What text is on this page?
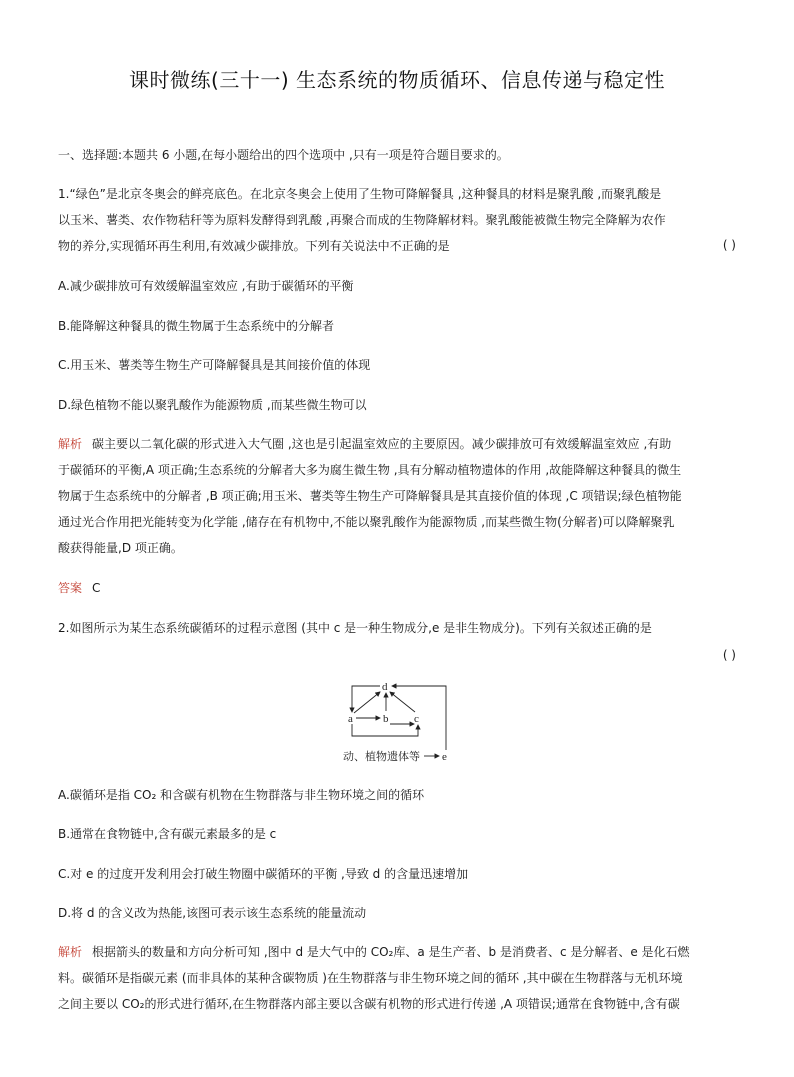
课时微练(三十一) 生态系统的物质循环、信息传递与稳定性
一、选择题:本题共 6 小题,在每小题给出的四个选项中 ,只有一项是符合题目要求的。
1.“绿色”是北京冬奥会的鲜亮底色。在北京冬奥会上使用了生物可降解餐具 ,这种餐具的材料是聚乳酸 ,而聚乳酸是
以玉米、薯类、农作物秸秆等为原料发酵得到乳酸 ,再聚合而成的生物降解材料。聚乳酸能被微生物完全降解为农作
物的养分,实现循环再生利用,有效减少碳排放。下列有关说法中不正确的是	( )
A.减少碳排放可有效缓解温室效应 ,有助于碳循环的平衡
B.能降解这种餐具的微生物属于生态系统中的分解者
C.用玉米、薯类等生物生产可降解餐具是其间接价值的体现
D.绿色植物不能以聚乳酸作为能源物质 ,而某些微生物可以
解析 碳主要以二氧化碳的形式进入大气圈 ,这也是引起温室效应的主要原因。减少碳排放可有效缓解温室效应 ,有助
于碳循环的平衡,A 项正确;生态系统的分解者大多为腐生微生物 ,具有分解动植物遗体的作用 ,故能降解这种餐具的微生
物属于生态系统中的分解者 ,B 项正确;用玉米、薯类等生物生产可降解餐具是其直接价值的体现 ,C 项错误;绿色植物能
通过光合作用把光能转变为化学能 ,储存在有机物中,不能以聚乳酸作为能源物质 ,而某些微生物(分解者)可以降解聚乳
酸获得能量,D 项正确。
答案 C
2.如图所示为某生态系统碳循环的过程示意图 (其中 c 是一种生物成分,e 是非生物成分)。下列有关叙述正确的是
( )
d
a	b c
e
动、植物遗体等
A.碳循环是指 CO₂ 和含碳有机物在生物群落与非生物环境之间的循环
B.通常在食物链中,含有碳元素最多的是 c
C.对 e 的过度开发利用会打破生物圈中碳循环的平衡 ,导致 d 的含量迅速增加
D.将 d 的含义改为热能,该图可表示该生态系统的能量流动
解析 根据箭头的数量和方向分析可知 ,图中 d 是大气中的 CO₂库、a 是生产者、b 是消费者、c 是分解者、e 是化石燃
料。碳循环是指碳元素 (而非具体的某种含碳物质 )在生物群落与非生物环境之间的循环 ,其中碳在生物群落与无机环境
之间主要以 CO₂的形式进行循环,在生物群落内部主要以含碳有机物的形式进行传递 ,A 项错误;通常在食物链中,含有碳
